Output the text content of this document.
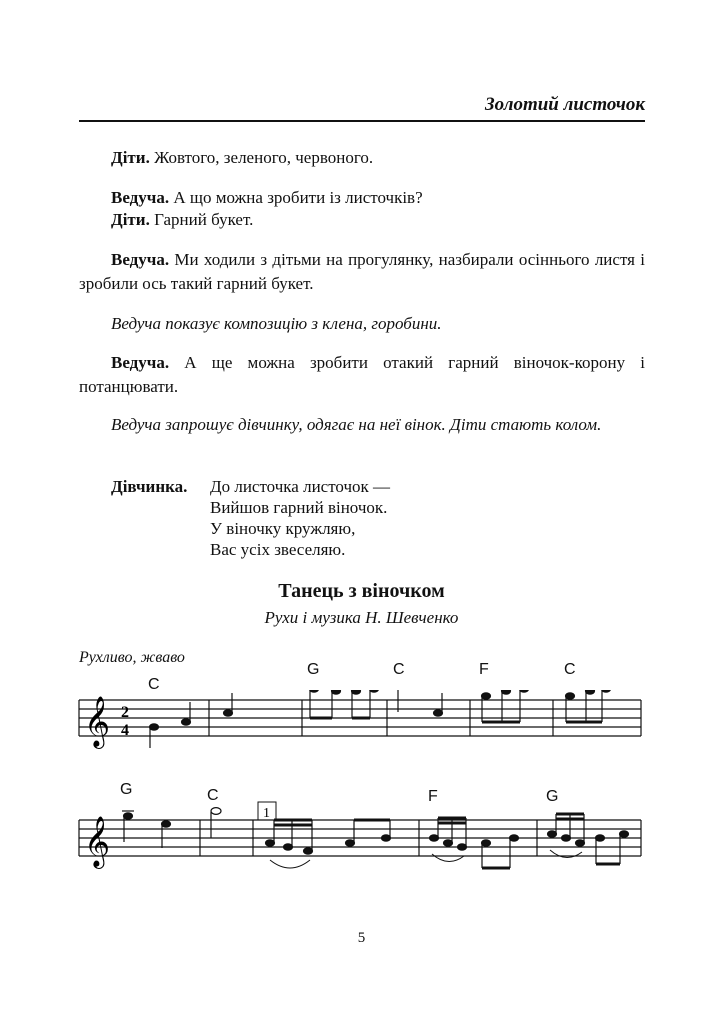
Золотий листочок
Діти. Жовтого, зеленого, червоного.
Ведуча. А що можна зробити із листочків?
Діти. Гарний букет.
Ведуча. Ми ходили з дітьми на прогулянку, назбирали осіннього листя і зробили ось такий гарний букет.
Ведуча показує композицію з клена, горобини.
Ведуча. А ще можна зробити отакий гарний віночок-корону і потанцювати.
Ведуча запрошує дівчинку, одягає на неї вінок. Діти стають колом.
Дівчинка. До листочка листочок —
Вийшов гарний віночок.
У віночку кружляю,
Вас усіх звеселяю.
Танець з віночком
Рухи і музика Н. Шевченко
Рухливо, жваво
C
G	C	F	C
G	C	F	G
𝄞 2
4
𝄞
1
5
